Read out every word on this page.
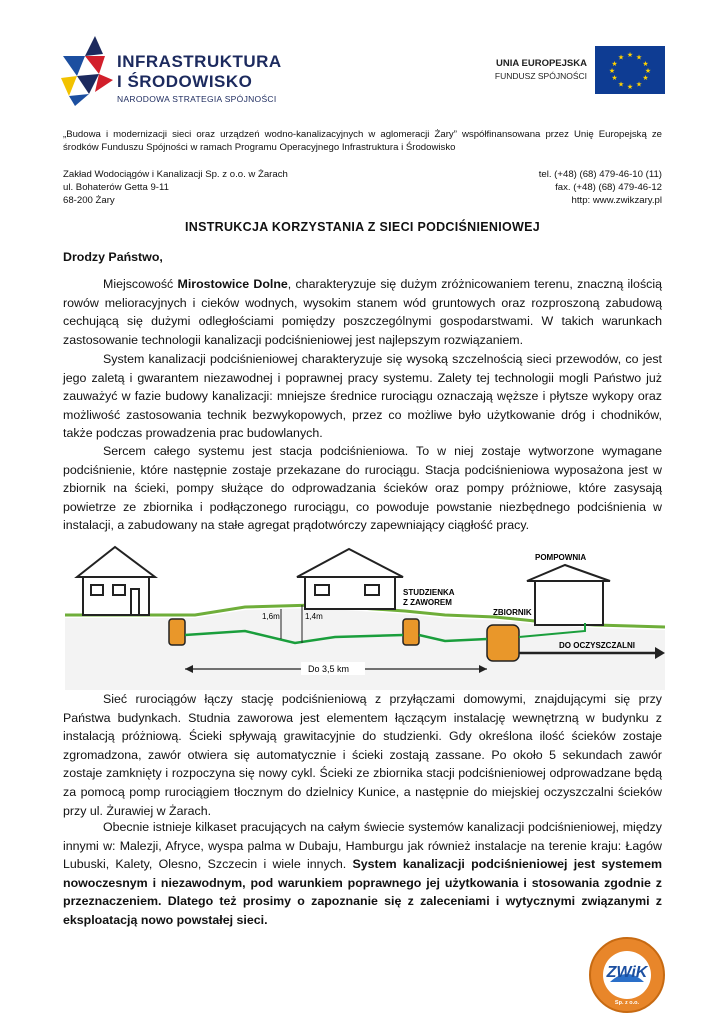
INFRASTRUKTURA
I ŚRODOWISKO
NARODOWA STRATEGIA SPÓJNOŚCI
UNIA EUROPEJSKA
FUNDUSZ SPÓJNOŚCI
★ ★
★
★
★
★
★
★
★
★
★
★

„Budowa i modernizacji sieci oraz urządzeń wodno-kanalizacyjnych w aglomeracji Żary” współfinansowana przez Unię Europejską ze środków Funduszu Spójności w ramach Programu Operacyjnego Infrastruktura i Środowisko

Zakład Wodociągów i Kanalizacji Sp. z o.o. w Żarach
ul. Bohaterów Getta 9-11
68-200 Żary
tel. (+48) (68) 479-46-10 (11)
fax. (+48) (68) 479-46-12
http: www.zwikzary.pl
INSTRUKCJA KORZYSTANIA Z SIECI PODCIŚNIENIOWEJ
Drodzy Państwo,

Miejscowość Mirostowice Dolne, charakteryzuje się dużym zróżnicowaniem terenu, znaczną ilością rowów melioracyjnych i cieków wodnych, wysokim stanem wód gruntowych oraz rozproszoną zabudową cechującą się dużymi odległościami pomiędzy poszczególnymi gospodarstwami. W takich warunkach zastosowanie technologii kanalizacji podciśnieniowej jest najlepszym rozwiązaniem.

System kanalizacji podciśnieniowej charakteryzuje się wysoką szczelnością sieci przewodów, co jest jego zaletą i gwarantem niezawodnej i poprawnej pracy systemu. Zalety tej technologii mogli Państwo już zauważyć w fazie budowy kanalizacji: mniejsze średnice rurociągu oznaczają węższe i płytsze wykopy oraz możliwość zastosowania technik bezwykopowych, przez co możliwe było użytkowanie dróg i chodników, także podczas prowadzenia prac budowlanych.

Sercem całego systemu jest stacja podciśnieniowa. To w niej zostaje wytworzone wymagane podciśnienie, które następnie zostaje przekazane do rurociągu. Stacja podciśnieniowa wyposażona jest w zbiornik na ścieki, pompy służące do odprowadzania ścieków oraz pompy próżniowe, które zasysają powietrze ze zbiornika i podłączonego rurociągu, co powoduje powstanie niezbędnego podciśnienia w instalacji, a zabudowany na stałe agregat prądotwórczy zapewniający ciągłość pracy.

POMPOWNIA
DO OCZYSZCZALNI
STUDZIENKA
Z ZAWOREM
ZBIORNIK
1,6m	1,4m
Do 3,5 km

Sieć rurociągów łączy stację podciśnieniową z przyłączami domowymi, znajdującymi się przy Państwa budynkach. Studnia zaworowa jest elementem łączącym instalację wewnętrzną w budynku z instalacją próżniową. Ścieki spływają grawitacyjnie do studzienki. Gdy określona ilość ścieków zostaje zgromadzona, zawór otwiera się automatycznie i ścieki zostają zassane. Po około 5 sekundach zawór zostaje zamknięty i rozpoczyna się nowy cykl. Ścieki ze zbiornika stacji podciśnieniowej odprowadzane będą za pomocą pomp rurociągiem tłocznym do dzielnicy Kunice, a następnie do miejskiej oczyszczalni ścieków przy ul. Żurawiej w Żarach.

Obecnie istnieje kilkaset pracujących na całym świecie systemów kanalizacji podciśnieniowej, między innymi w: Malezji, Afryce, wyspa palma w Dubaju, Hamburgu jak również instalacje na terenie kraju: Łagów Lubuski, Kalety, Olesno, Szczecin i wiele innych. System kanalizacji podciśnieniowej jest systemem nowoczesnym i niezawodnym, pod warunkiem poprawnego jej użytkowania i stosowania zgodnie z przeznaczeniem. Dlatego też prosimy o zapoznanie się z zaleceniami i wytycznymi związanymi z eksploatacją nowo powstałej sieci.

ZWiK
Sp. z o.o.
